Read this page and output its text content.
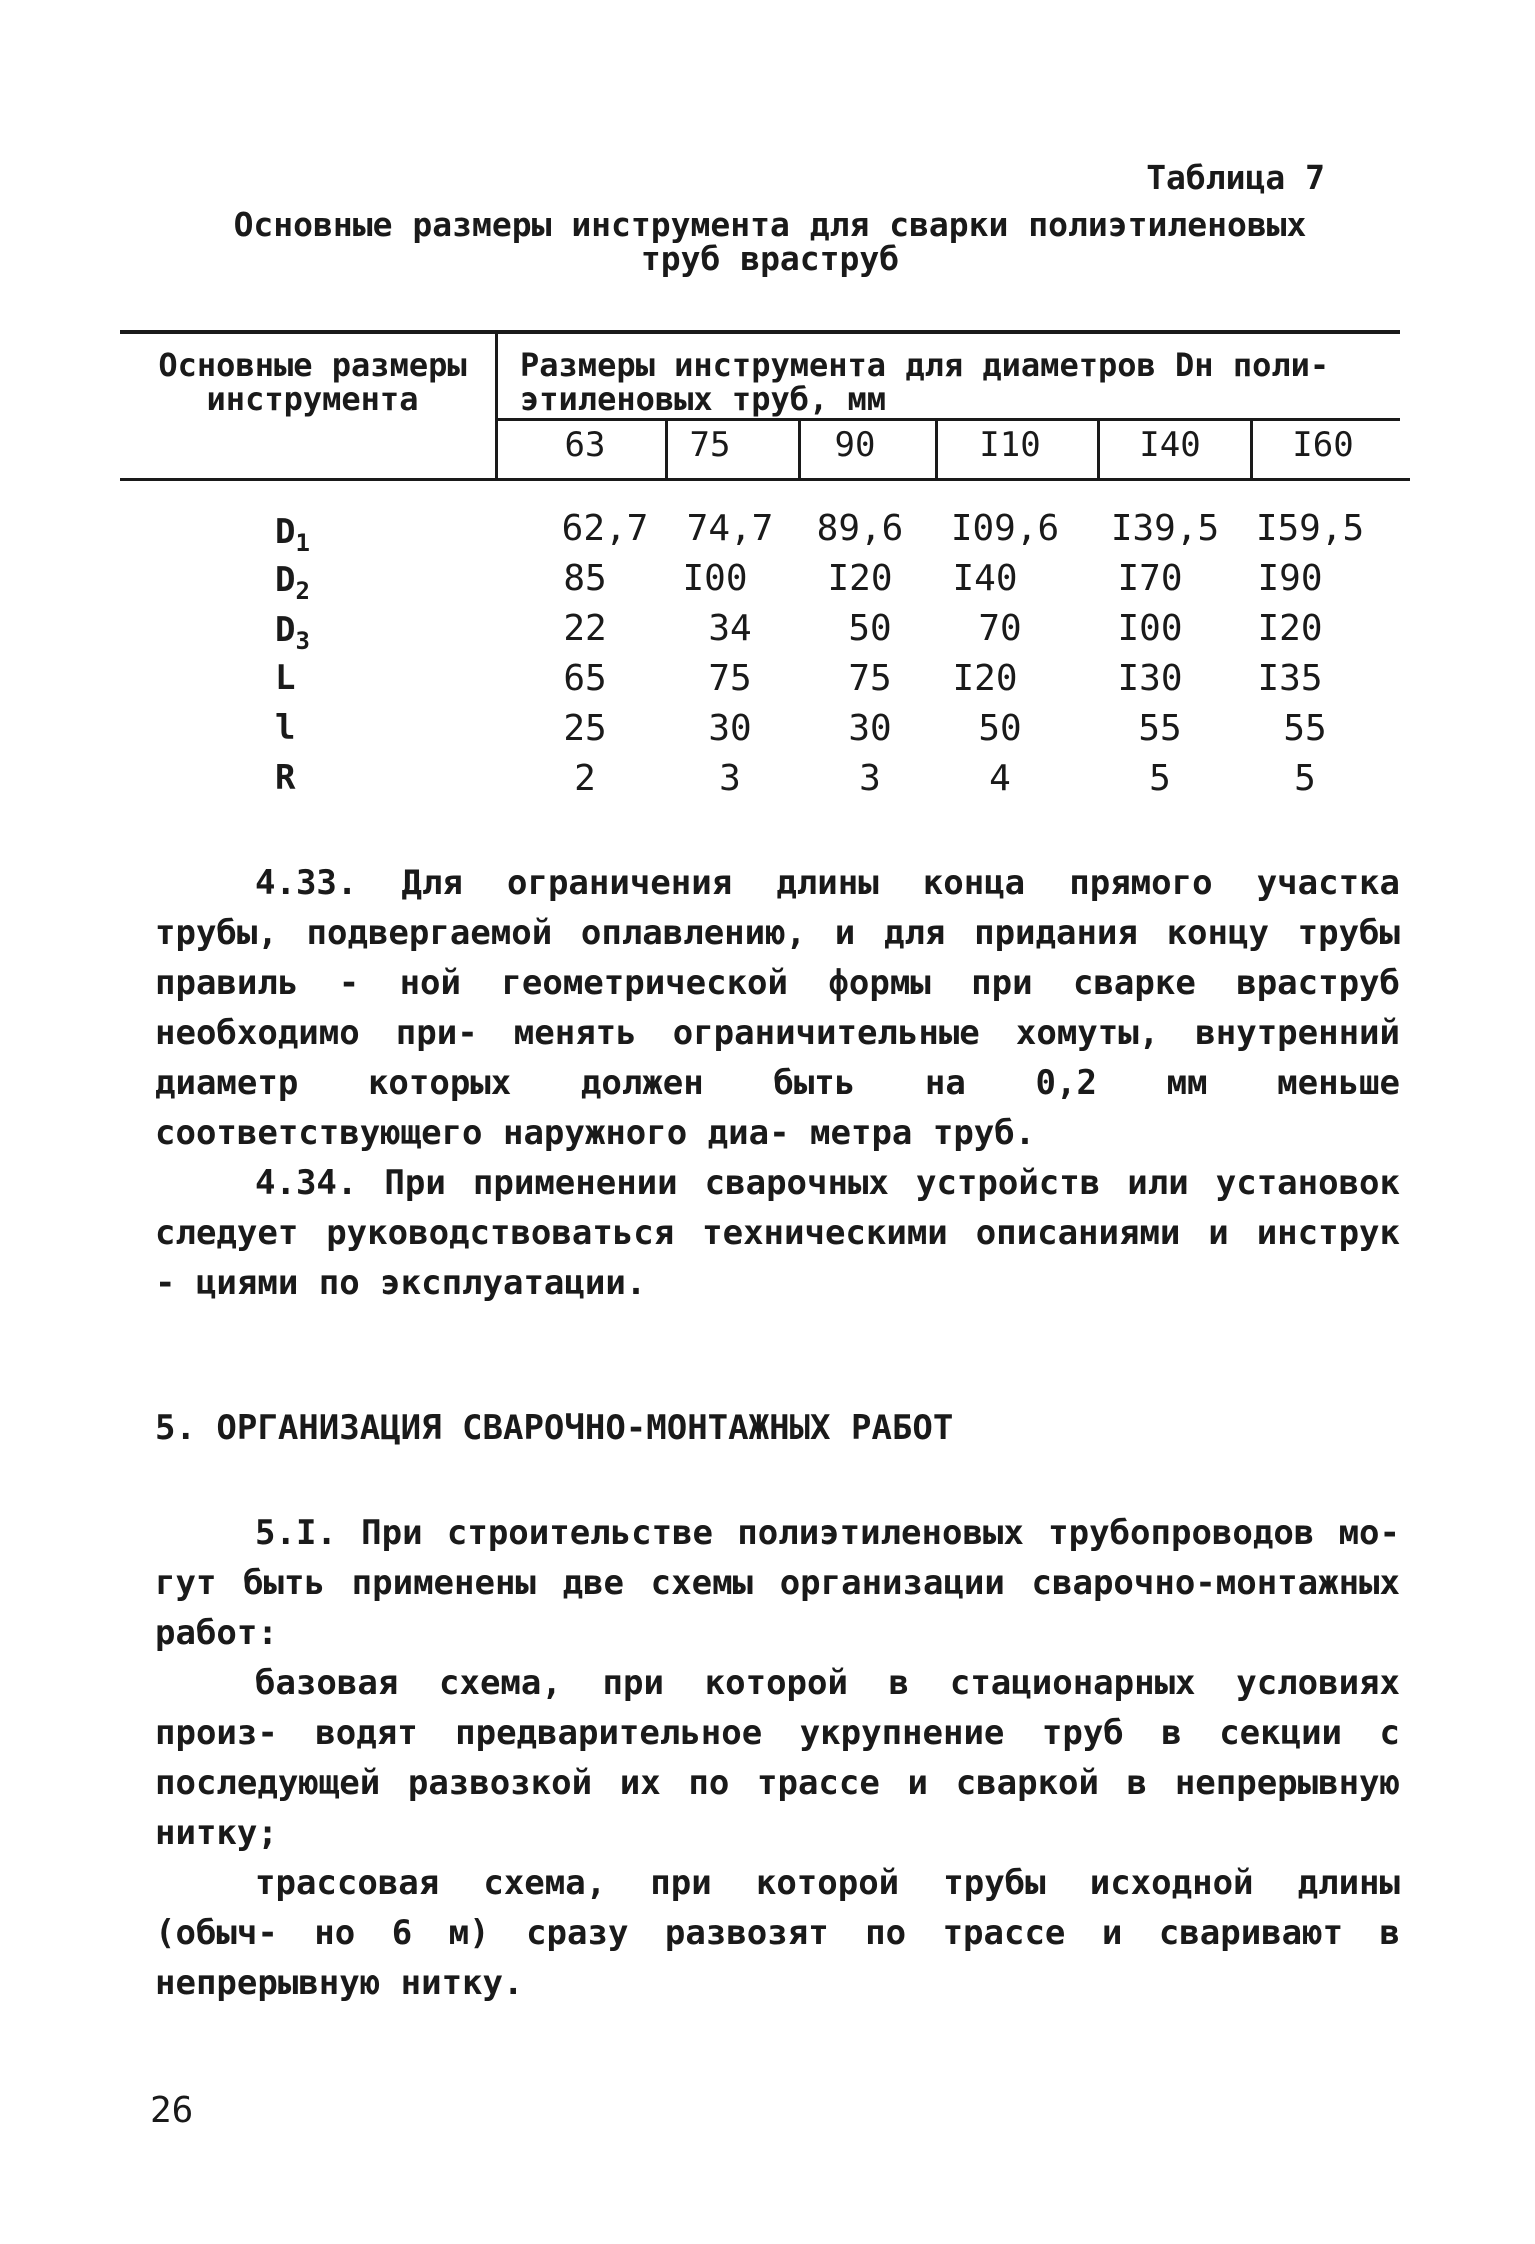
Таблица 7
Основные размеры инструмента для сварки полиэтиленовых
труб враструб
Основные размеры
инструмента
Размеры инструмента для диаметров Dн поли-
этиленовых труб, мм
63	75	90	I10	I40	I60
$D_1$	62,7	74,7	89,6	I09,6 I39,5 I59,5
$D_2$	85	I00	I20	I40	I70	I90
$D_3$	22	34	50	70	I00	I20
L	65	75	75	I20	I30	I35
l	25	30	30	50	55	55
R	2	3	3	4	5	5

4.33. Для ограничения длины конца прямого участка трубы, подвергаемой оплавлению, и для придания концу трубы правиль - ной геометрической формы при сварке враструб необходимо при- менять ограничительные хомуты, внутренний диаметр которых должен быть на 0,2 мм меньше соответствующего наружного диа- метра труб.

4.34. При применении сварочных устройств или установок следует руководствоваться техническими описаниями и инструк - циями по эксплуатации.

5. ОРГАНИЗАЦИЯ СВАРОЧНО-МОНТАЖНЫХ РАБОТ

5.I. При строительстве полиэтиленовых трубопроводов мо- гут быть применены две схемы организации сварочно-монтажных работ:

базовая схема, при которой в стационарных условиях произ- водят предварительное укрупнение труб в секции с последующей развозкой их по трассе и сваркой в непрерывную нитку;

трассовая схема, при которой трубы исходной длины (обыч- но 6 м) сразу развозят по трассе и сваривают в непрерывную нитку.

26
